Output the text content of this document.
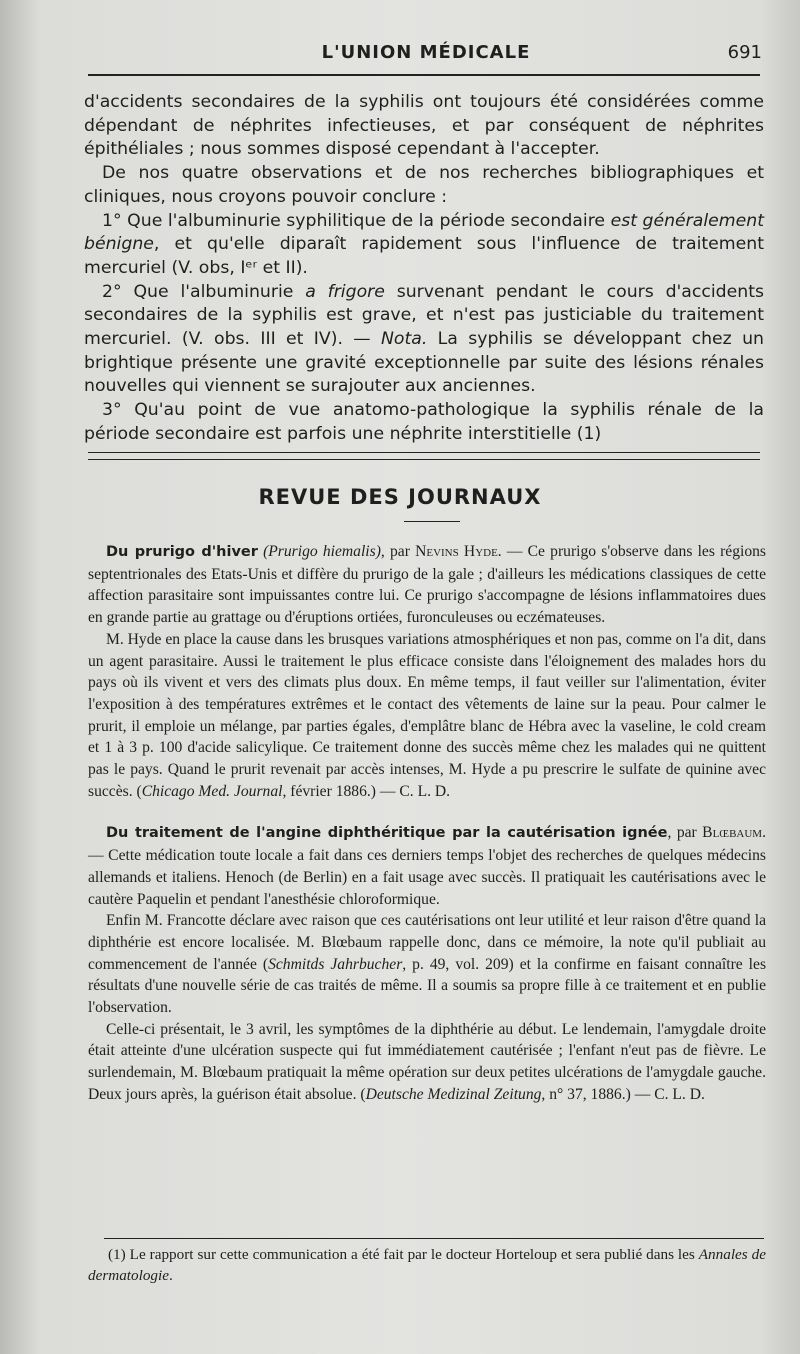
L'UNION MÉDICALE	691

d'accidents secondaires de la syphilis ont toujours été considérées comme dépendant de néphrites infectieuses, et par conséquent de néphrites épithéliales ; nous sommes disposé cependant à l'accepter.

De nos quatre observations et de nos recherches bibliographiques et cliniques, nous croyons pouvoir conclure :

1° Que l'albuminurie syphilitique de la période secondaire est généralement bénigne, et qu'elle diparaît rapidement sous l'influence de traitement mercuriel (V. obs, Iᵉʳ et II).

2° Que l'albuminurie a frigore survenant pendant le cours d'accidents secondaires de la syphilis est grave, et n'est pas justiciable du traitement mercuriel. (V. obs. III et IV). — Nota. La syphilis se développant chez un brightique présente une gravité exceptionnelle par suite des lésions rénales nouvelles qui viennent se surajouter aux anciennes.

3° Qu'au point de vue anatomo-pathologique la syphilis rénale de la période secondaire est parfois une néphrite interstitielle (1)

REVUE DES JOURNAUX

Du prurigo d'hiver (Prurigo hiemalis), par Nevins Hyde. — Ce prurigo s'observe dans les régions septentrionales des Etats-Unis et diffère du prurigo de la gale ; d'ailleurs les médications classiques de cette affection parasitaire sont impuissantes contre lui. Ce prurigo s'accompagne de lésions inflammatoires dues en grande partie au grattage ou d'éruptions ortiées, furonculeuses ou eczémateuses.

M. Hyde en place la cause dans les brusques variations atmosphériques et non pas, comme on l'a dit, dans un agent parasitaire. Aussi le traitement le plus efficace consiste dans l'éloignement des malades hors du pays où ils vivent et vers des climats plus doux. En même temps, il faut veiller sur l'alimentation, éviter l'exposition à des températures extrêmes et le contact des vêtements de laine sur la peau. Pour calmer le prurit, il emploie un mélange, par parties égales, d'emplâtre blanc de Hébra avec la vaseline, le cold cream et 1 à 3 p. 100 d'acide salicylique. Ce traitement donne des succès même chez les malades qui ne quittent pas le pays. Quand le prurit revenait par accès intenses, M. Hyde a pu prescrire le sulfate de quinine avec succès. (Chicago Med. Journal, février 1886.) — C. L. D.

Du traitement de l'angine diphthéritique par la cautérisation ignée, par Blœbaum. — Cette médication toute locale a fait dans ces derniers temps l'objet des recherches de quelques médecins allemands et italiens. Henoch (de Berlin) en a fait usage avec succès. Il pratiquait les cautérisations avec le cautère Paquelin et pendant l'anesthésie chloroformique.

Enfin M. Francotte déclare avec raison que ces cautérisations ont leur utilité et leur raison d'être quand la diphthérie est encore localisée. M. Blœbaum rappelle donc, dans ce mémoire, la note qu'il publiait au commencement de l'année (Schmitds Jahrbucher, p. 49, vol. 209) et la confirme en faisant connaître les résultats d'une nouvelle série de cas traités de même. Il a soumis sa propre fille à ce traitement et en publie l'observation.

Celle-ci présentait, le 3 avril, les symptômes de la diphthérie au début. Le lendemain, l'amygdale droite était atteinte d'une ulcération suspecte qui fut immédiatement cautérisée ; l'enfant n'eut pas de fièvre. Le surlendemain, M. Blœbaum pratiquait la même opération sur deux petites ulcérations de l'amygdale gauche. Deux jours après, la guérison était absolue. (Deutsche Medizinal Zeitung, n° 37, 1886.) — C. L. D.

(1) Le rapport sur cette communication a été fait par le docteur Horteloup et sera publié dans les Annales de dermatologie.
